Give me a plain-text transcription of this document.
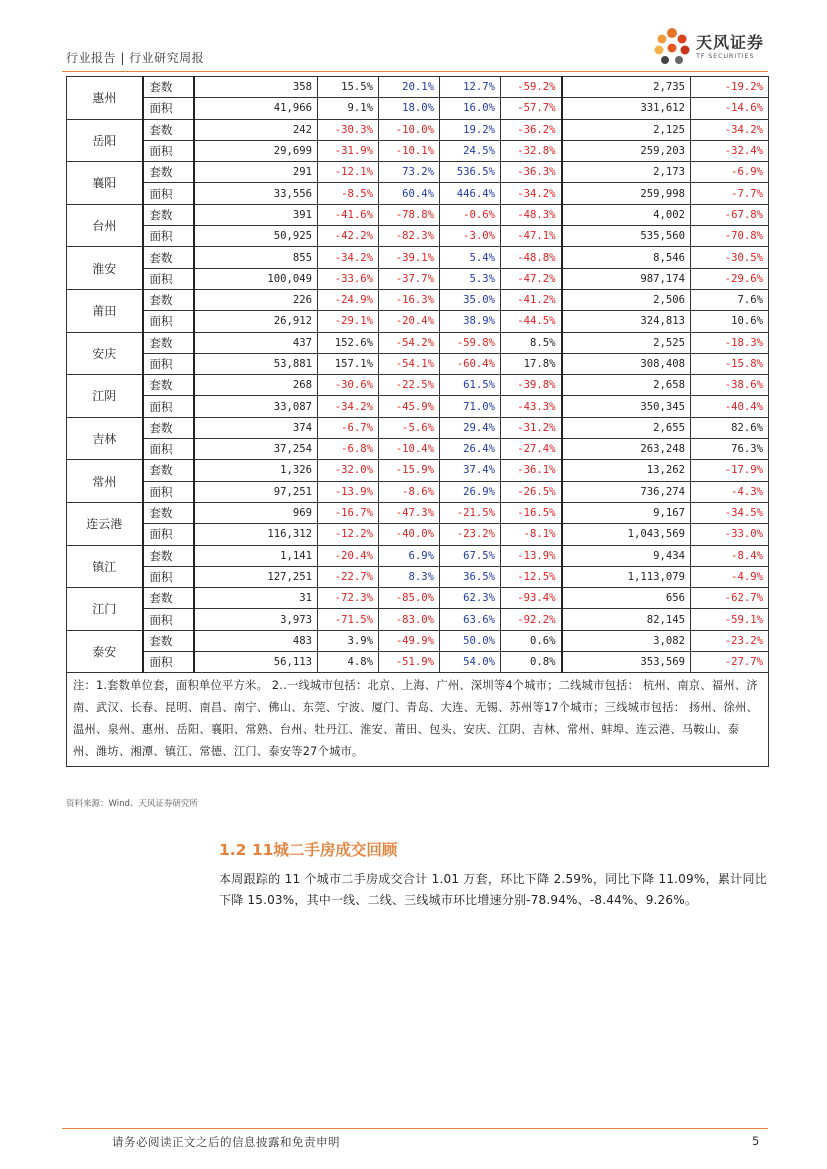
行业报告 | 行业研究周报
天风证券
TF SECURITIES
惠州	套数	358	15.5%	20.1%	12.7%	-59.2%	2,735	-19.2%
	面积	41,966	9.1%	18.0%	16.0%	-57.7%	331,612	-14.6%
岳阳	套数	242	-30.3%	-10.0%	19.2%	-36.2%	2,125	-34.2%
	面积	29,699	-31.9%	-10.1%	24.5%	-32.8%	259,203	-32.4%
襄阳	套数	291	-12.1%	73.2%	536.5%	-36.3%	2,173	-6.9%
	面积	33,556	-8.5%	60.4%	446.4%	-34.2%	259,998	-7.7%
台州	套数	391	-41.6%	-78.8%	-0.6%	-48.3%	4,002	-67.8%
	面积	50,925	-42.2%	-82.3%	-3.0%	-47.1%	535,560	-70.8%
淮安	套数	855	-34.2%	-39.1%	5.4%	-48.8%	8,546	-30.5%
	面积	100,049	-33.6%	-37.7%	5.3%	-47.2%	987,174	-29.6%
莆田	套数	226	-24.9%	-16.3%	35.0%	-41.2%	2,506	7.6%
	面积	26,912	-29.1%	-20.4%	38.9%	-44.5%	324,813	10.6%
安庆	套数	437	152.6%	-54.2%	-59.8%	8.5%	2,525	-18.3%
	面积	53,881	157.1%	-54.1%	-60.4%	17.8%	308,408	-15.8%
江阴	套数	268	-30.6%	-22.5%	61.5%	-39.8%	2,658	-38.6%
	面积	33,087	-34.2%	-45.9%	71.0%	-43.3%	350,345	-40.4%
吉林	套数	374	-6.7%	-5.6%	29.4%	-31.2%	2,655	82.6%
	面积	37,254	-6.8%	-10.4%	26.4%	-27.4%	263,248	76.3%
常州	套数	1,326	-32.0%	-15.9%	37.4%	-36.1%	13,262	-17.9%
	面积	97,251	-13.9%	-8.6%	26.9%	-26.5%	736,274	-4.3%
连云港	套数	969	-16.7%	-47.3%	-21.5%	-16.5%	9,167	-34.5%
	面积	116,312	-12.2%	-40.0%	-23.2%	-8.1%	1,043,569	-33.0%
镇江	套数	1,141	-20.4%	6.9%	67.5%	-13.9%	9,434	-8.4%
	面积	127,251	-22.7%	8.3%	36.5%	-12.5%	1,113,079	-4.9%
江门	套数	31	-72.3%	-85.0%	62.3%	-93.4%	656	-62.7%
	面积	3,973	-71.5%	-83.0%	63.6%	-92.2%	82,145	-59.1%
泰安	套数	483	3.9%	-49.9%	50.0%	0.6%	3,082	-23.2%
	面积	56,113	4.8%	-51.9%	54.0%	0.8%	353,569	-27.7%
注：1.套数单位套，面积单位平方米。 2..一线城市包括：北京、上海、广州、深圳等4个城市；二线城市包括： 杭州、南京、福州、济南、武汉、长春、昆明、南昌、南宁、佛山、东莞、宁波、厦门、青岛、大连、无锡、苏州等17个城市；三线城市包括： 扬州、徐州、温州、泉州、惠州、岳阳、襄阳、常熟、台州、牡丹江、淮安、莆田、包头、安庆、江阴、吉林、常州、蚌埠、连云港、马鞍山、泰州、潍坊、湘潭、镇江、常德、江门、泰安等27个城市。								
资料来源：Wind、天风证券研究所
1.2 11城二手房成交回顾
本周跟踪的 11 个城市二手房成交合计 1.01 万套，环比下降 2.59%，同比下降 11.09%，累计同比下降 15.03%，其中一线、二线、三线城市环比增速分别-78.94%、-8.44%、9.26%。
请务必阅读正文之后的信息披露和免责申明	5
